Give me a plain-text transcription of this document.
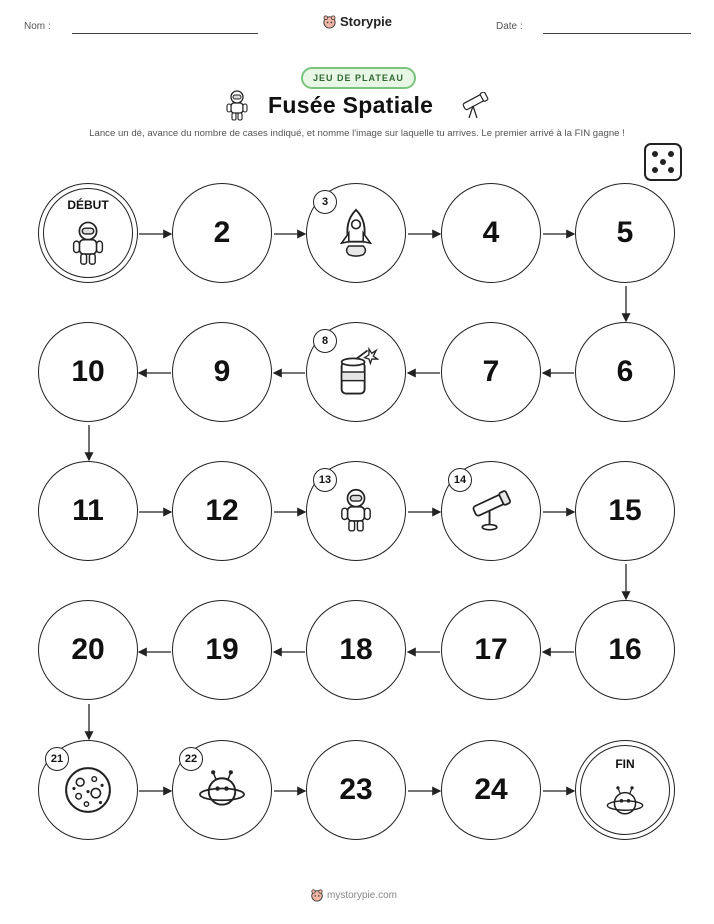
Nom :	Storypie	Date :
JEU DE PLATEAU
Fusée Spatiale
Lance un dé, avance du nombre de cases indiqué, et nomme l'image sur laquelle tu arrives. Le premier arrivé à la FIN gagne !
DÉBUT
2
3
4	5
6
7
8
9
10
11	12
13	14
15
16
17
18
19
20
21	22
23	24
FIN
mystorypie.com
